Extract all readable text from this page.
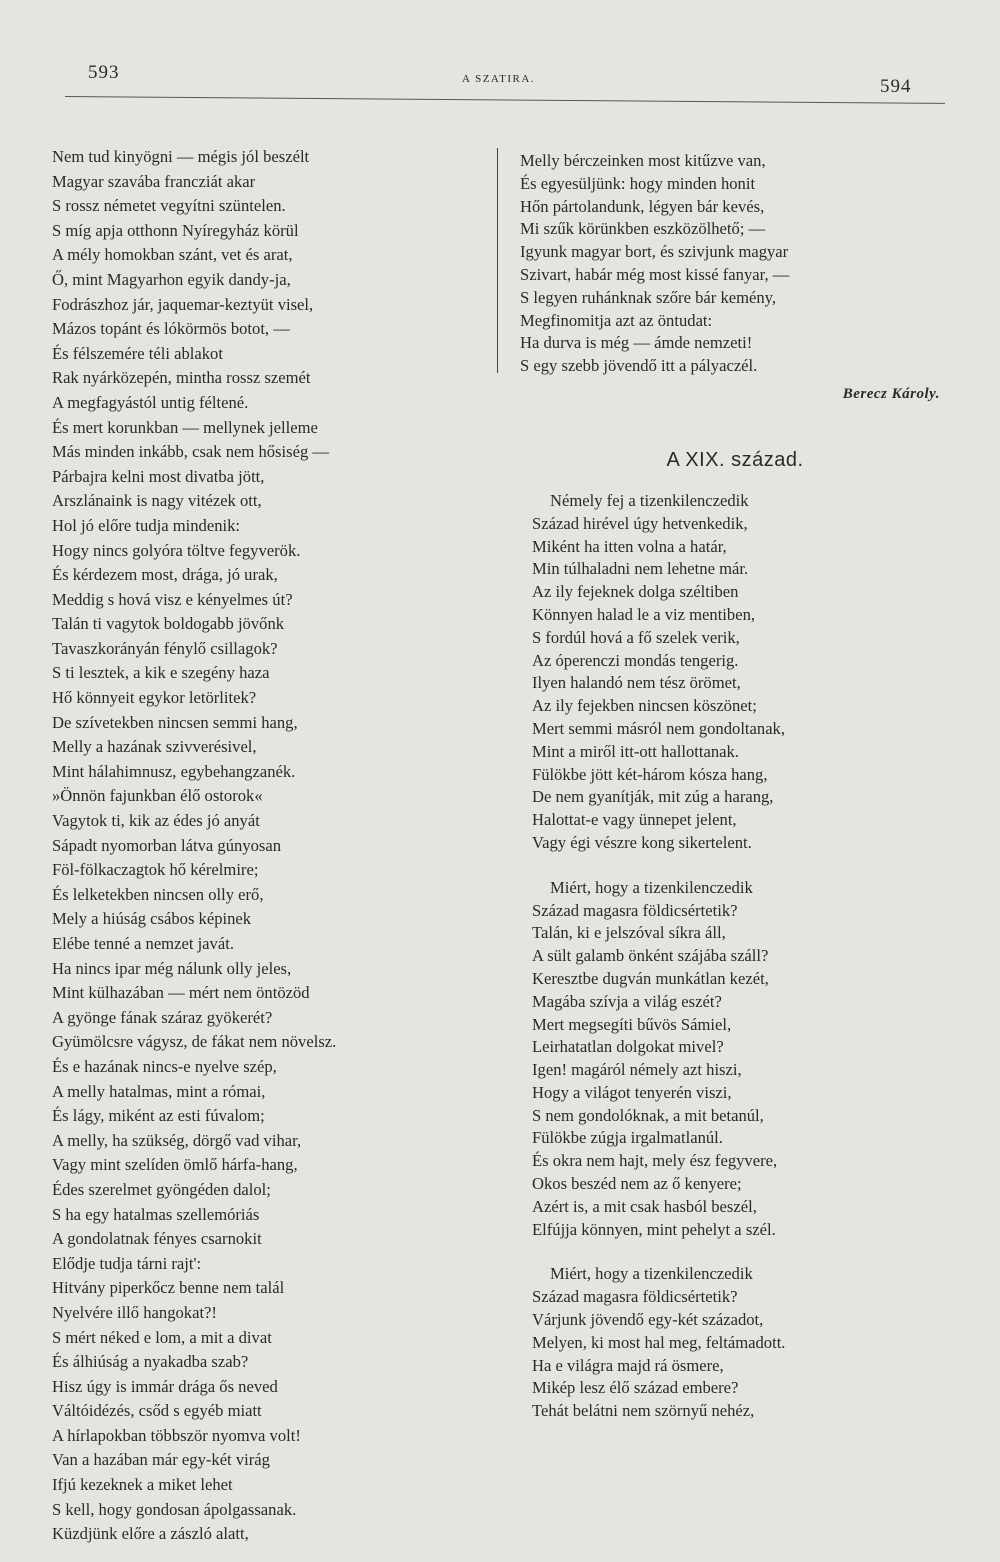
593	A SZATIRA.	594
Nem tud kinyögni — mégis jól beszélt
Magyar szavába francziát akar
S rossz németet vegyítni szüntelen.
S míg apja otthonn Nyíregyház körül
A mély homokban szánt, vet és arat,
Ő, mint Magyarhon egyik dandy-ja,
Fodrászhoz jár, jaquemar-keztyüt visel,
Mázos topánt és lókörmös botot, —
És félszemére téli ablakot
Rak nyárközepén, mintha rossz szemét
A megfagyástól untig féltené.
És mert korunkban — mellynek jelleme
Más minden inkább, csak nem hősiség —
Párbajra kelni most divatba jött,
Arszlánaink is nagy vitézek ott,
Hol jó előre tudja mindenik:
Hogy nincs golyóra töltve fegyverök.
És kérdezem most, drága, jó urak,
Meddig s hová visz e kényelmes út?
Talán ti vagytok boldogabb jövőnk
Tavaszkorányán fénylő csillagok?
S ti lesztek, a kik e szegény haza
Hő könnyeit egykor letörlitek?
De szívetekben nincsen semmi hang,
Melly a hazának szivverésivel,
Mint hálahimnusz, egybehangzanék.
»Önnön fajunkban élő ostorok«
Vagytok ti, kik az édes jó anyát
Sápadt nyomorban látva gúnyosan
Föl-fölkaczagtok hő kérelmire;
És lelketekben nincsen olly erő,
Mely a hiúság csábos képinek
Elébe tenné a nemzet javát.
Ha nincs ipar még nálunk olly jeles,
Mint külhazában — mért nem öntözöd
A gyönge fának száraz gyökerét?
Gyümölcsre vágysz, de fákat nem növelsz.
És e hazának nincs-e nyelve szép,
A melly hatalmas, mint a római,
És lágy, miként az esti fúvalom;
A melly, ha szükség, dörgő vad vihar,
Vagy mint szelíden ömlő hárfa-hang,
Édes szerelmet gyöngéden dalol;
S ha egy hatalmas szellemóriás
A gondolatnak fényes csarnokit
Elődje tudja tárni rajt':
Hitvány piperkőcz benne nem talál
Nyelvére illő hangokat?!
S mért néked e lom, a mit a divat
És álhiúság a nyakadba szab?
Hisz úgy is immár drága ős neved
Váltóidézés, csőd s egyéb miatt
A hírlapokban többször nyomva volt!
Van a hazában már egy-két virág
Ifjú kezeknek a miket lehet
S kell, hogy gondosan ápolgassanak.
Küzdjünk előre a zászló alatt,
Melly bérczeinken most kitűzve van,
És egyesüljünk: hogy minden honit
Hőn pártolandunk, légyen bár kevés,
Mi szűk körünkben eszközölhető; —
Igyunk magyar bort, és szivjunk magyar
Szivart, habár még most kissé fanyar, —
S legyen ruhánknak szőre bár kemény,
Megfinomitja azt az öntudat:
Ha durva is még — ámde nemzeti!
S egy szebb jövendő itt a pályaczél.
Berecz Károly.
A XIX. század.
Némely fej a tizenkilenczedik
Század hirével úgy hetvenkedik,
Miként ha itten volna a határ,
Min túlhaladni nem lehetne már.
Az ily fejeknek dolga széltiben
Könnyen halad le a viz mentiben,
S fordúl hová a fő szelek verik,
Az óperenczi mondás tengerig.
Ilyen halandó nem tész örömet,
Az ily fejekben nincsen köszönet;
Mert semmi másról nem gondoltanak,
Mint a miről itt-ott hallottanak.
Fülökbe jött két-három kósza hang,
De nem gyanítják, mit zúg a harang,
Halottat-e vagy ünnepet jelent,
Vagy égi vészre kong sikertelent.
Miért, hogy a tizenkilenczedik
Század magasra földicsértetik?
Talán, ki e jelszóval síkra áll,
A sült galamb önként szájába száll?
Keresztbe dugván munkátlan kezét,
Magába szívja a világ eszét?
Mert megsegíti bűvös Sámiel,
Leirhatatlan dolgokat mivel?
Igen! magáról némely azt hiszi,
Hogy a világot tenyerén viszi,
S nem gondolóknak, a mit betanúl,
Fülökbe zúgja irgalmatlanúl.
És okra nem hajt, mely ész fegyvere,
Okos beszéd nem az ő kenyere;
Azért is, a mit csak hasból beszél,
Elfújja könnyen, mint pehelyt a szél.
Miért, hogy a tizenkilenczedik
Század magasra földicsértetik?
Várjunk jövendő egy-két századot,
Melyen, ki most hal meg, feltámadott.
Ha e világra majd rá ösmere,
Mikép lesz élő század embere?
Tehát belátni nem szörnyű nehéz,
